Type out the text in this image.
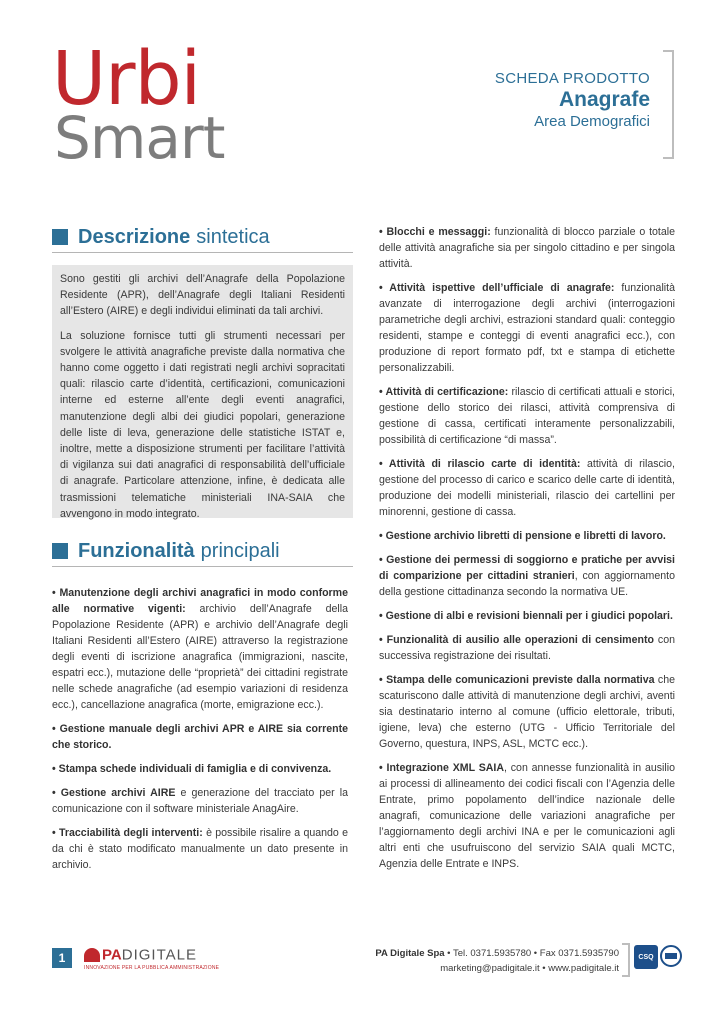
Urbi
Smart
SCHEDA PRODOTTO
Anagrafe
Area Demografici
Descrizione sintetica

Sono gestiti gli archivi dell’Anagrafe della Popolazione Residente (APR), dell’Anagrafe degli Italiani Residenti all’Estero (AIRE) e degli individui eliminati da tali archivi.

La soluzione fornisce tutti gli strumenti necessari per svolgere le attività anagrafiche previste dalla normativa che hanno come oggetto i dati registrati negli archivi sopracitati quali: rilascio carte d’identità, certificazioni, comunicazioni interne ed esterne all’ente degli eventi anagrafici, manutenzione degli albi dei giudici popolari, generazione delle liste di leva, generazione delle statistiche ISTAT e, inoltre, mette a disposizione strumenti per facilitare l’attività di vigilanza sui dati anagrafici di responsabilità dell’ufficiale di anagrafe. Particolare attenzione, infine, è dedicata alle trasmissioni telematiche ministeriali INA-SAIA che avvengono in modo integrato.

Funzionalità principali
• Manutenzione degli archivi anagrafici in modo conforme alle normative vigenti: archivio dell’Anagrafe della Popolazione Residente (APR) e archivio dell’Anagrafe degli Italiani Residenti all’Estero (AIRE) attraverso la registrazione degli eventi di iscrizione anagrafica (immigrazioni, nascite, espatri ecc.), mutazione delle “proprietà” dei cittadini registrate nelle schede anagrafiche (ad esempio variazioni di residenza ecc.), cancellazione anagrafica (morte, emigrazione ecc.).
• Gestione manuale degli archivi APR e AIRE sia corrente che storico.
• Stampa schede individuali di famiglia e di convivenza.
• Gestione archivi AIRE e generazione del tracciato per la comunicazione con il software ministeriale AnagAire.
• Tracciabilità degli interventi: è possibile risalire a quando e da chi è stato modificato manualmente un dato presente in archivio.
• Blocchi e messaggi: funzionalità di blocco parziale o totale delle attività anagrafiche sia per singolo cittadino e per singola attività.
• Attività ispettive dell’ufficiale di anagrafe: funzionalità avanzate di interrogazione degli archivi (interrogazioni parametriche degli archivi, estrazioni standard quali: conteggio residenti, stampe e conteggi di eventi anagrafici ecc.), con produzione di report formato pdf, txt e stampa di etichette personalizzabili.
• Attività di certificazione: rilascio di certificati attuali e storici, gestione dello storico dei rilasci, attività comprensiva di gestione di cassa, certificati interamente personalizzabili, possibilità di certificazione “di massa”.
• Attività di rilascio carte di identità: attività di rilascio, gestione del processo di carico e scarico delle carte di identità, produzione dei modelli ministeriali, rilascio dei cartellini per minorenni, gestione di cassa.
• Gestione archivio libretti di pensione e libretti di lavoro.
• Gestione dei permessi di soggiorno e pratiche per avvisi di comparizione per cittadini stranieri, con aggiornamento della gestione cittadinanza secondo la normativa UE.
• Gestione di albi e revisioni biennali per i giudici popolari.
• Funzionalità di ausilio alle operazioni di censimento con successiva registrazione dei risultati.
• Stampa delle comunicazioni previste dalla normativa che scaturiscono dalle attività di manutenzione degli archivi, aventi sia destinatario interno al comune (ufficio elettorale, tributi, igiene, leva) che esterno (UTG - Ufficio Territoriale del Governo, questura, INPS, ASL, MCTC ecc.).
• Integrazione XML SAIA, con annesse funzionalità in ausilio ai processi di allineamento dei codici fiscali con l’Agenzia delle Entrate, primo popolamento dell’indice nazionale delle anagrafi, comunicazione delle variazioni anagrafiche per l’aggiornamento degli archivi INA e per le comunicazioni agli altri enti che usufruiscono del servizio SAIA quali MCTC, Agenzia delle Entrate e INPS.
1	PADIGITALE
INNOVAZIONE PER LA PUBBLICA AMMINISTRAZIONE
PA Digitale Spa • Tel. 0371.5935780 • Fax 0371.5935790
marketing@padigitale.it • www.padigitale.it
CSQ
